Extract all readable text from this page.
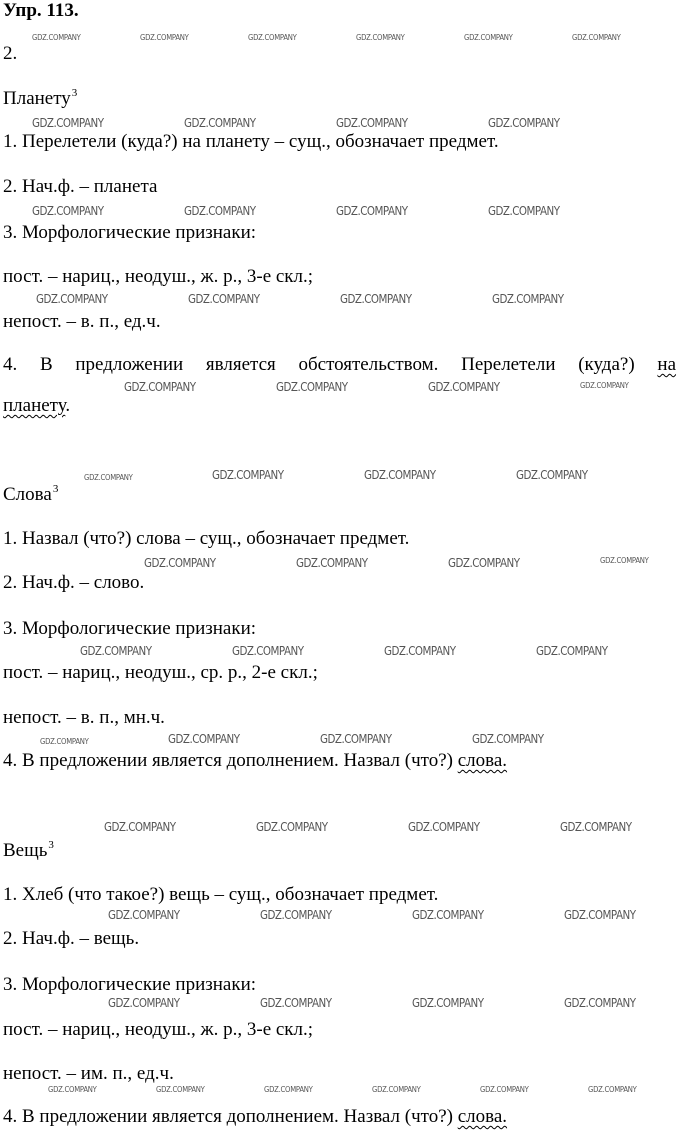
Упр. 113.
2.
Планету$^3$
1. Перелетели (куда?) на планету – сущ., обозначает предмет.
2. Нач.ф. – планета
3. Морфологические признаки:
пост. – нариц., неодуш., ж. р., 3-е скл.;
непост. – в. п., ед.ч.
4. В предложении является обстоятельством. Перелетели (куда?) на
планету.
Слова$^3$
1. Назвал (что?) слова – сущ., обозначает предмет.
2. Нач.ф. – слово.
3. Морфологические признаки:
пост. – нариц., неодуш., ср. р., 2-е скл.;
непост. – в. п., мн.ч.
4. В предложении является дополнением. Назвал (что?) слова.
Вещь$^3$
1. Хлеб (что такое?) вещь – сущ., обозначает предмет.
2. Нач.ф. – вещь.
3. Морфологические признаки:
пост. – нариц., неодуш., ж. р., 3-е скл.;
непост. – им. п., ед.ч.
4. В предложении является дополнением. Назвал (что?) слова.
GDZ.COMPANY	GDZ.COMPANY	GDZ.COMPANY	GDZ.COMPANY	GDZ.COMPANY	GDZ.COMPANY
GDZ.COMPANY	GDZ.COMPANY	GDZ.COMPANY	GDZ.COMPANY
GDZ.COMPANY	GDZ.COMPANY	GDZ.COMPANY	GDZ.COMPANY
GDZ.COMPANY	GDZ.COMPANY	GDZ.COMPANY	GDZ.COMPANY
GDZ.COMPANY	GDZ.COMPANY	GDZ.COMPANY	GDZ.COMPANY
GDZ.COMPANY	GDZ.COMPANY	GDZ.COMPANY	GDZ.COMPANY
GDZ.COMPANY	GDZ.COMPANY	GDZ.COMPANY	GDZ.COMPANY
GDZ.COMPANY	GDZ.COMPANY	GDZ.COMPANY	GDZ.COMPANY
GDZ.COMPANY	GDZ.COMPANY	GDZ.COMPANY	GDZ.COMPANY
GDZ.COMPANY	GDZ.COMPANY	GDZ.COMPANY	GDZ.COMPANY
GDZ.COMPANY	GDZ.COMPANY	GDZ.COMPANY	GDZ.COMPANY
GDZ.COMPANY	GDZ.COMPANY	GDZ.COMPANY	GDZ.COMPANY
GDZ.COMPANY	GDZ.COMPANY	GDZ.COMPANY	GDZ.COMPANY	GDZ.COMPANY	GDZ.COMPANY
